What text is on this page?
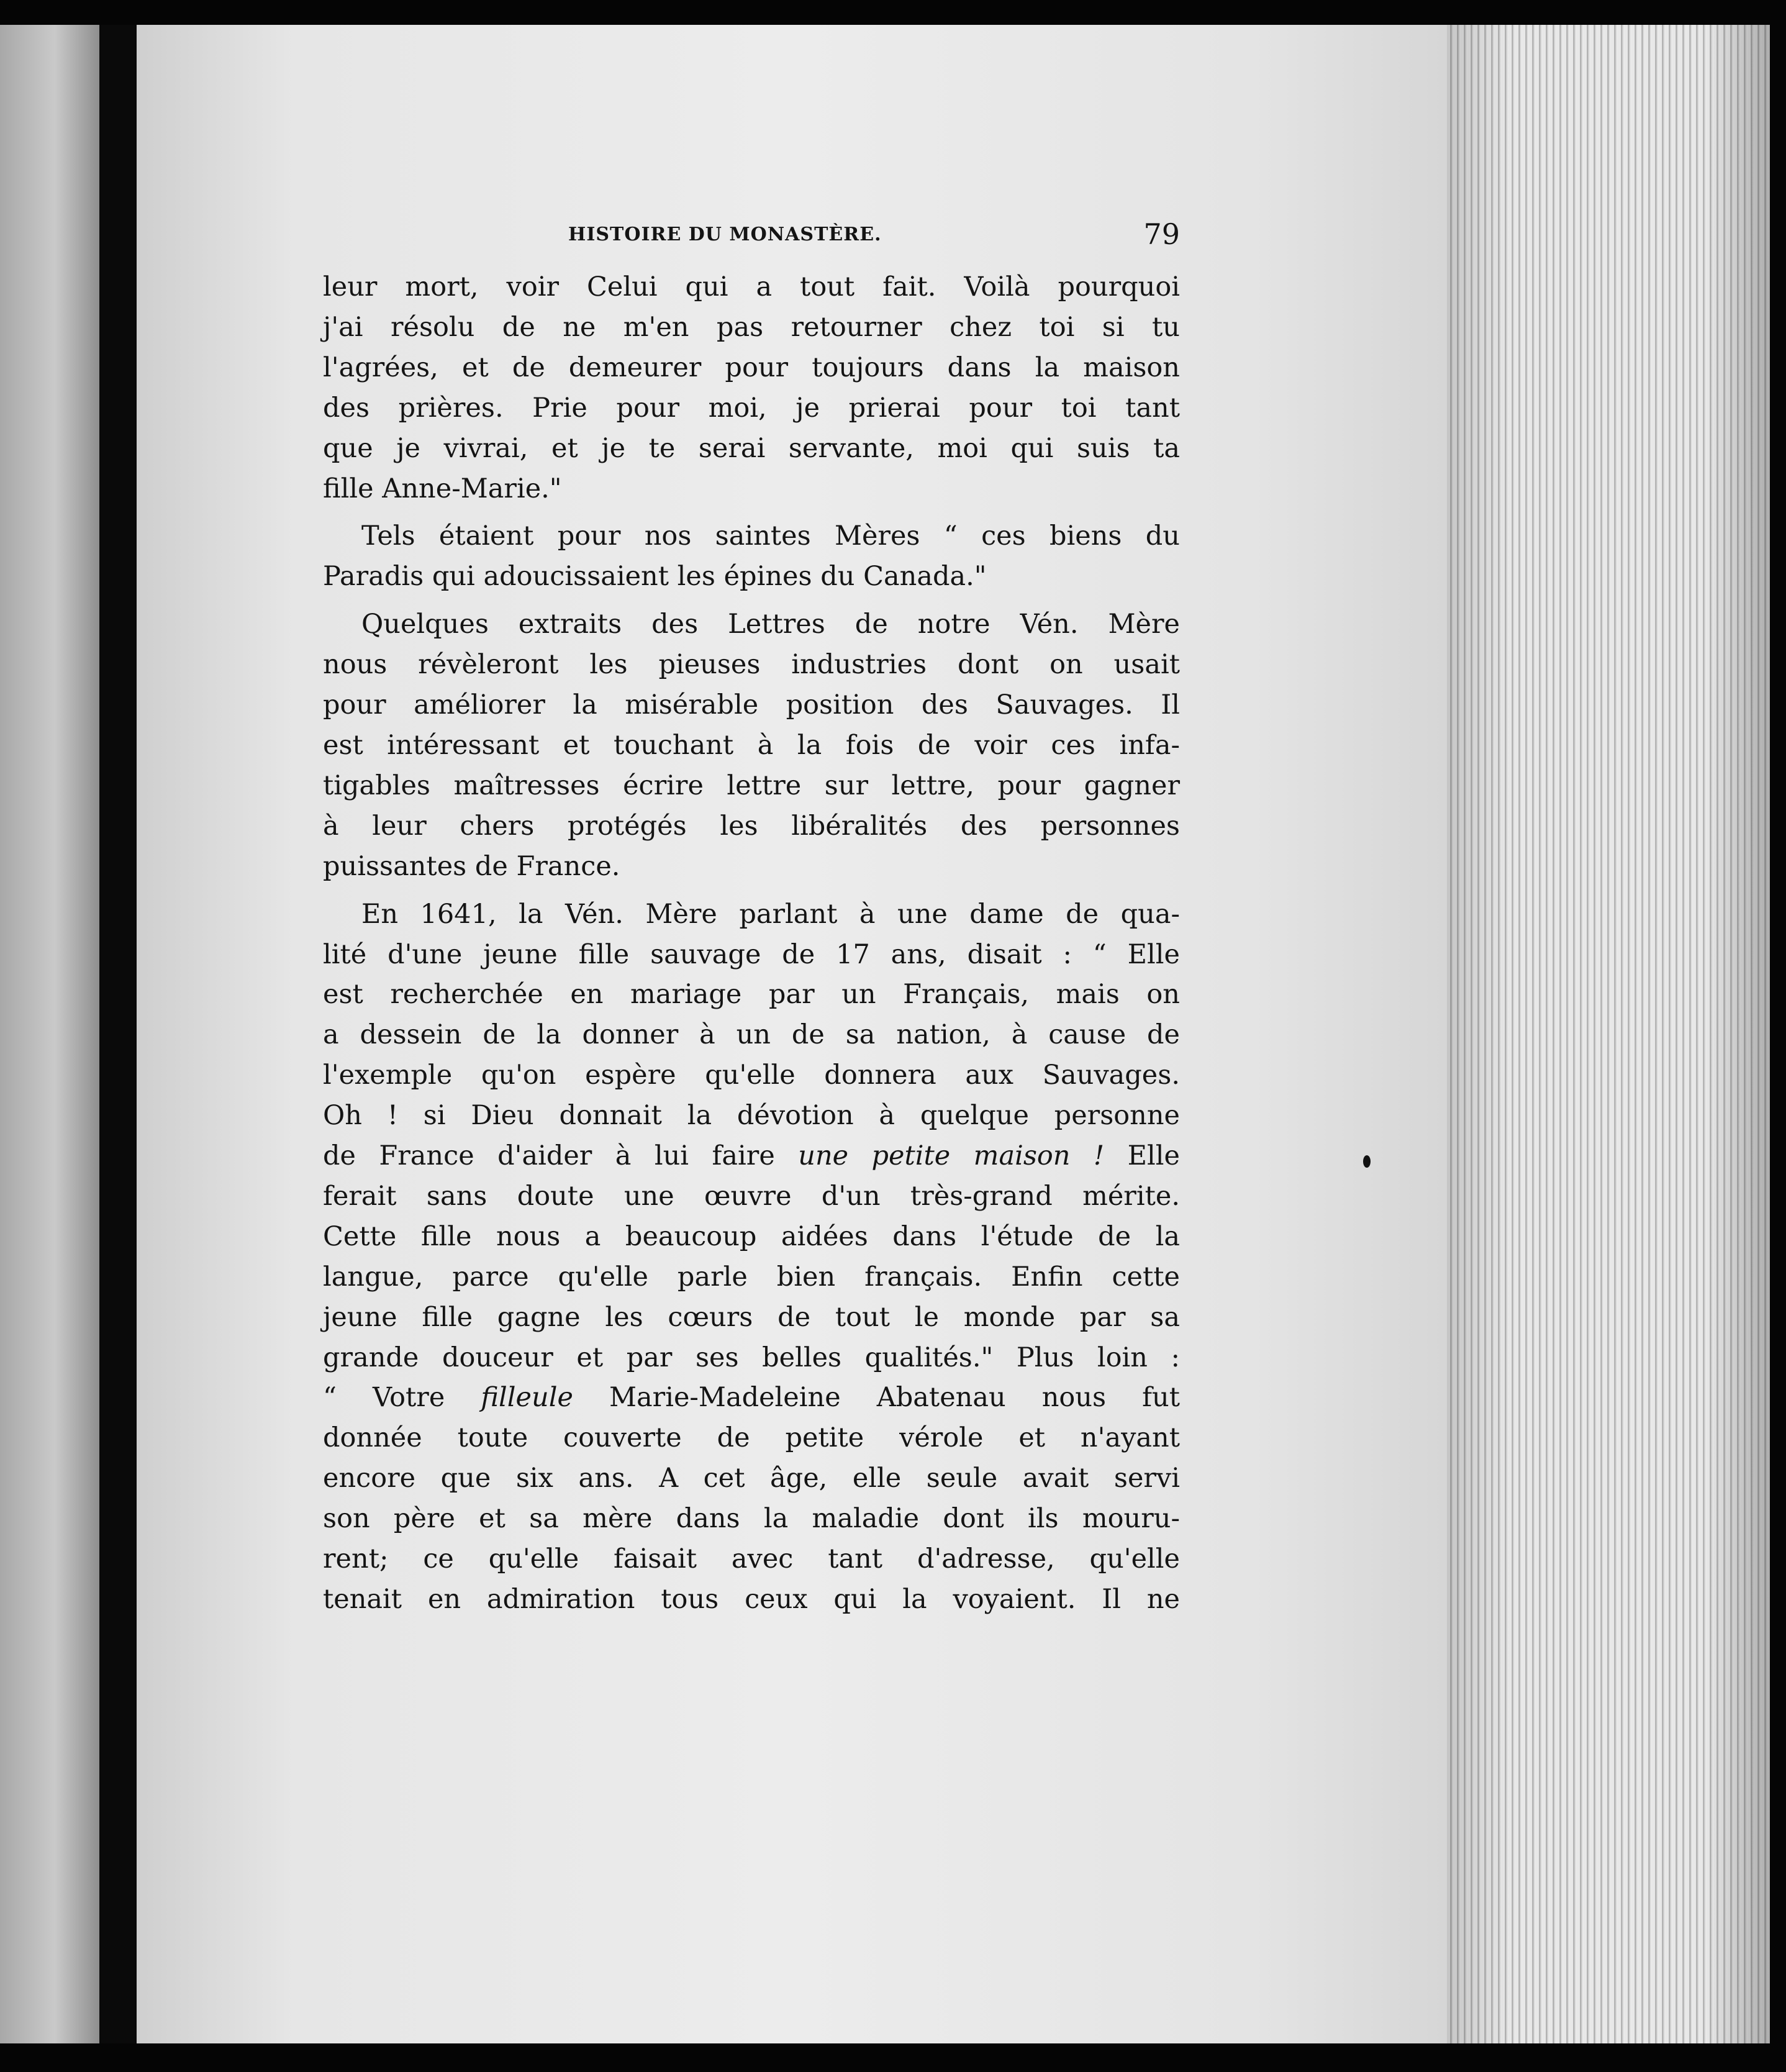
HISTOIRE DU MONASTÈRE.	79
leur mort, voir Celui qui a tout fait. Voilà pourquoi
j'ai résolu de ne m'en pas retourner chez toi si tu
l'agrées, et de demeurer pour toujours dans la maison
des prières. Prie pour moi, je prierai pour toi tant
que je vivrai, et je te serai servante, moi qui suis ta
fille Anne-Marie."
Tels étaient pour nos saintes Mères “ ces biens du
Paradis qui adoucissaient les épines du Canada."
Quelques extraits des Lettres de notre Vén. Mère
nous révèleront les pieuses industries dont on usait
pour améliorer la misérable position des Sauvages. Il
est intéressant et touchant à la fois de voir ces infa-
tigables maîtresses écrire lettre sur lettre, pour gagner
à leur chers protégés les libéralités des personnes
puissantes de France.
En 1641, la Vén. Mère parlant à une dame de qua-
lité d'une jeune fille sauvage de 17 ans, disait : “ Elle
est recherchée en mariage par un Français, mais on
a dessein de la donner à un de sa nation, à cause de
l'exemple qu'on espère qu'elle donnera aux Sauvages.
Oh ! si Dieu donnait la dévotion à quelque personne
de France d'aider à lui faire une petite maison ! Elle
ferait sans doute une œuvre d'un très-grand mérite.
Cette fille nous a beaucoup aidées dans l'étude de la
langue, parce qu'elle parle bien français. Enfin cette
jeune fille gagne les cœurs de tout le monde par sa
grande douceur et par ses belles qualités." Plus loin :
“ Votre filleule Marie-Madeleine Abatenau nous fut
donnée toute couverte de petite vérole et n'ayant
encore que six ans. A cet âge, elle seule avait servi
son père et sa mère dans la maladie dont ils mouru-
rent; ce qu'elle faisait avec tant d'adresse, qu'elle
tenait en admiration tous ceux qui la voyaient. Il ne
